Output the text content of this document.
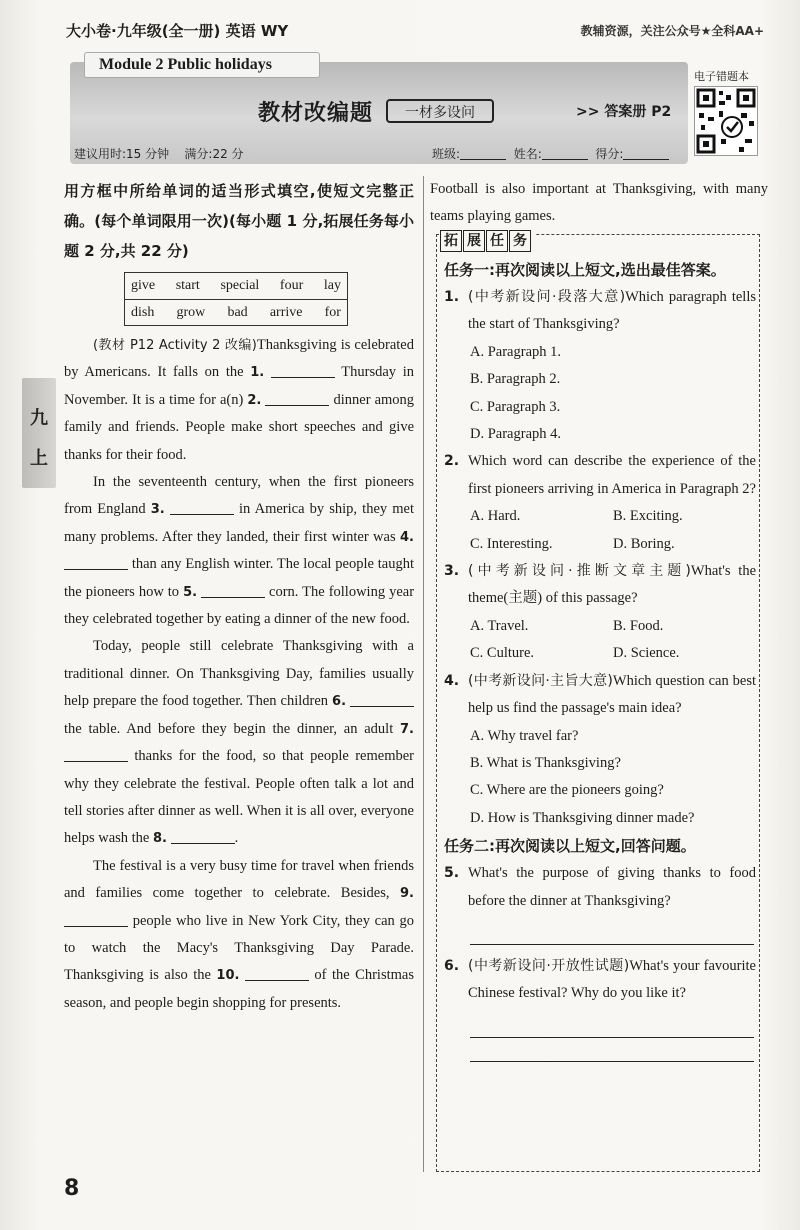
大小卷·九年级(全一册) 英语 WY	教辅资源，关注公众号★全科AA+
Module 2 Public holidays
教材改编题	一材多设问	>> 答案册 P2
建议用时:15 分钟 满分:22 分	班级:	姓名:	得分:
电子错题本
九
上
用方框中所给单词的适当形式填空,使短文完整正确。(每个单词限用一次)(每小题 1 分,拓展任务每小题 2 分,共 22 分)
give start special four lay
dish grow bad arrive for

(教材 P12 Activity 2 改编)Thanksgiving is celebrated by Americans. It falls on the 1.	Thursday in November. It is a time for a(n) 2.	dinner among family and friends. People make short speeches and give thanks for their food.

In the seventeenth century, when the first pioneers from England 3.	in America by ship, they met many problems. After they landed, their first winter was 4.  than any English winter. The local people taught the pioneers how to 5.	corn. The following year they celebrated together by eating a dinner of the new food.

Today, people still celebrate Thanksgiving with a traditional dinner. On Thanksgiving Day, families usually help prepare the food together. Then children 6.  the table. And before they begin the dinner, an adult 7.  thanks for the food, so that people remember why they celebrate the festival. People often talk a lot and tell stories after dinner as well. When it is all over, everyone helps wash the 8.	.

The festival is a very busy time for travel when friends and families come together to celebrate. Besides, 9.  people who live in New York City, they can go to watch the Macy's Thanksgiving Day Parade. Thanksgiving is also the 10.	of the Christmas season, and people begin shopping for presents.

Football is also important at Thanksgiving, with many teams playing games.

拓 展 任 务
任务一:再次阅读以上短文,选出最佳答案。
1. (中考新设问·段落大意)Which paragraph tells the start of Thanksgiving?
A. Paragraph 1.
B. Paragraph 2.
C. Paragraph 3.
D. Paragraph 4.
2. Which word can describe the experience of the first pioneers arriving in America in Paragraph 2?
A. Hard.	B. Exciting.
C. Interesting.	D. Boring.
3. (中考新设问·推断文章主题)What's the theme(主题) of this passage?
A. Travel.	B. Food.
C. Culture.	D. Science.
4. (中考新设问·主旨大意)Which question can best help us find the passage's main idea?
A. Why travel far?
B. What is Thanksgiving?
C. Where are the pioneers going?
D. How is Thanksgiving dinner made?
任务二:再次阅读以上短文,回答问题。
5. What's the purpose of giving thanks to food before the dinner at Thanksgiving?
6. (中考新设问·开放性试题)What's your favourite Chinese festival? Why do you like it?
8
